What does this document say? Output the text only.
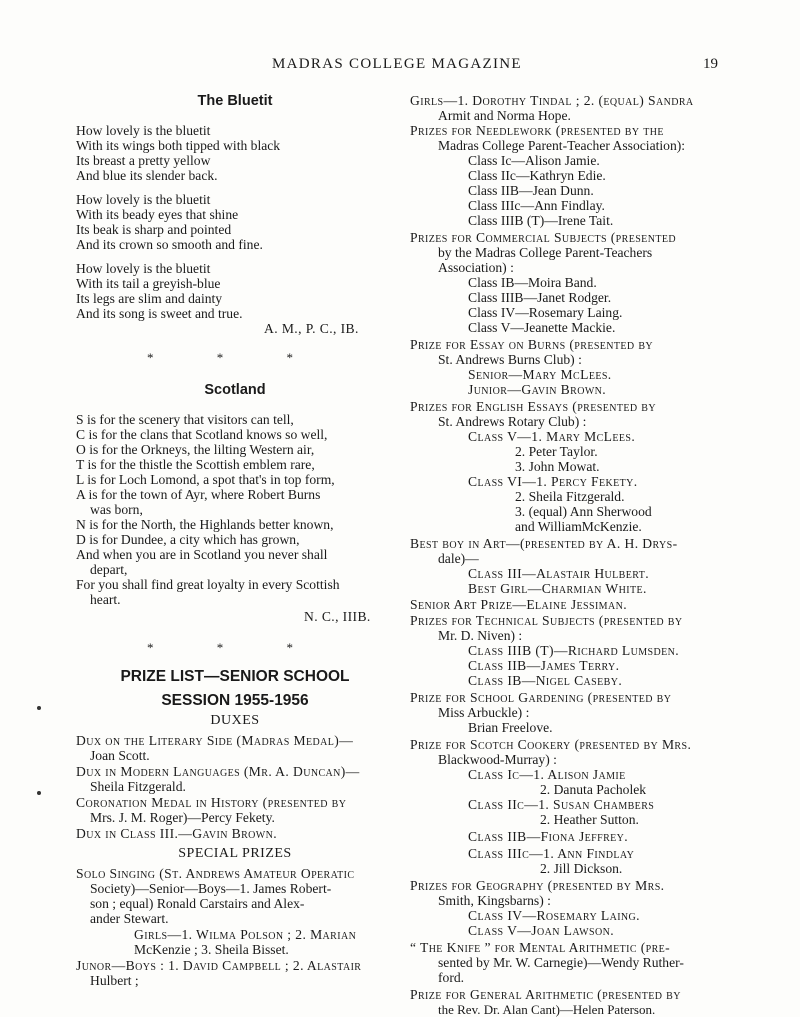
MADRAS COLLEGE MAGAZINE	19
The Bluetit
How lovely is the bluetit
With its wings both tipped with black
Its breast a pretty yellow
And blue its slender back.
How lovely is the bluetit
With its beady eyes that shine
Its beak is sharp and pointed
And its crown so smooth and fine.
How lovely is the bluetit
With its tail a greyish-blue
Its legs are slim and dainty
And its song is sweet and true.
A. M., P. C., IB.
* * *
Scotland
S is for the scenery that visitors can tell,
C is for the clans that Scotland knows so well,
O is for the Orkneys, the lilting Western air,
T is for the thistle the Scottish emblem rare,
L is for Loch Lomond, a spot that's in top form,
A is for the town of Ayr, where Robert Burns
was born,
N is for the North, the Highlands better known,
D is for Dundee, a city which has grown,
And when you are in Scotland you never shall
depart,
For you shall find great loyalty in every Scottish
heart.
N. C., IIIB.
* * *
PRIZE LIST—SENIOR SCHOOL
SESSION 1955-1956
DUXES
Dux on the Literary Side (Madras Medal)—
Joan Scott.
Dux in Modern Languages (Mr. A. Duncan)—
Sheila Fitzgerald.
Coronation Medal in History (presented by
Mrs. J. M. Roger)—Percy Fekety.
Dux in Class III.—Gavin Brown.
SPECIAL PRIZES
Solo Singing (St. Andrews Amateur Operatic
Society)—Senior—Boys—1. James Robert-
son ; equal) Ronald Carstairs and Alex-
ander Stewart.
Girls—1. Wilma Polson ; 2. Marian
McKenzie ; 3. Sheila Bisset.
Junor—Boys : 1. David Campbell ; 2. Alastair
Hulbert ;
Girls—1. Dorothy Tindal ; 2. (equal) Sandra
Armit and Norma Hope.
Prizes for Needlework (presented by the
Madras College Parent-Teacher Association):
Class Ic—Alison Jamie.
Class IIc—Kathryn Edie.
Class IIB—Jean Dunn.
Class IIIc—Ann Findlay.
Class IIIB (T)—Irene Tait.
Prizes for Commercial Subjects (presented
by the Madras College Parent-Teachers
Association) :
Class IB—Moira Band.
Class IIIB—Janet Rodger.
Class IV—Rosemary Laing.
Class V—Jeanette Mackie.
Prize for Essay on Burns (presented by
St. Andrews Burns Club) :
Senior—Mary McLees.
Junior—Gavin Brown.
Prizes for English Essays (presented by
St. Andrews Rotary Club) :
Class V—1. Mary McLees.
2. Peter Taylor.
3. John Mowat.
Class VI—1. Percy Fekety.
2. Sheila Fitzgerald.
3. (equal) Ann Sherwood
and WilliamMcKenzie.
Best boy in Art—(presented by A. H. Drys-
dale)—
Class III—Alastair Hulbert.
Best Girl—Charmian White.
Senior Art Prize—Elaine Jessiman.
Prizes for Technical Subjects (presented by
Mr. D. Niven) :
Class IIIB (T)—Richard Lumsden.
Class IIB—James Terry.
Class IB—Nigel Caseby.
Prize for School Gardening (presented by
Miss Arbuckle) :
Brian Freelove.
Prize for Scotch Cookery (presented by Mrs.
Blackwood-Murray) :
Class Ic—1. Alison Jamie
2. Danuta Pacholek
Class IIc—1. Susan Chambers
2. Heather Sutton.
Class IIB—Fiona Jeffrey.
Class IIIc—1. Ann Findlay
2. Jill Dickson.
Prizes for Geography (presented by Mrs.
Smith, Kingsbarns) :
Class IV—Rosemary Laing.
Class V—Joan Lawson.
“ The Knife ” for Mental Arithmetic (pre-
sented by Mr. W. Carnegie)—Wendy Ruther-
ford.
Prize for General Arithmetic (presented by
the Rev. Dr. Alan Cant)—Helen Paterson.
